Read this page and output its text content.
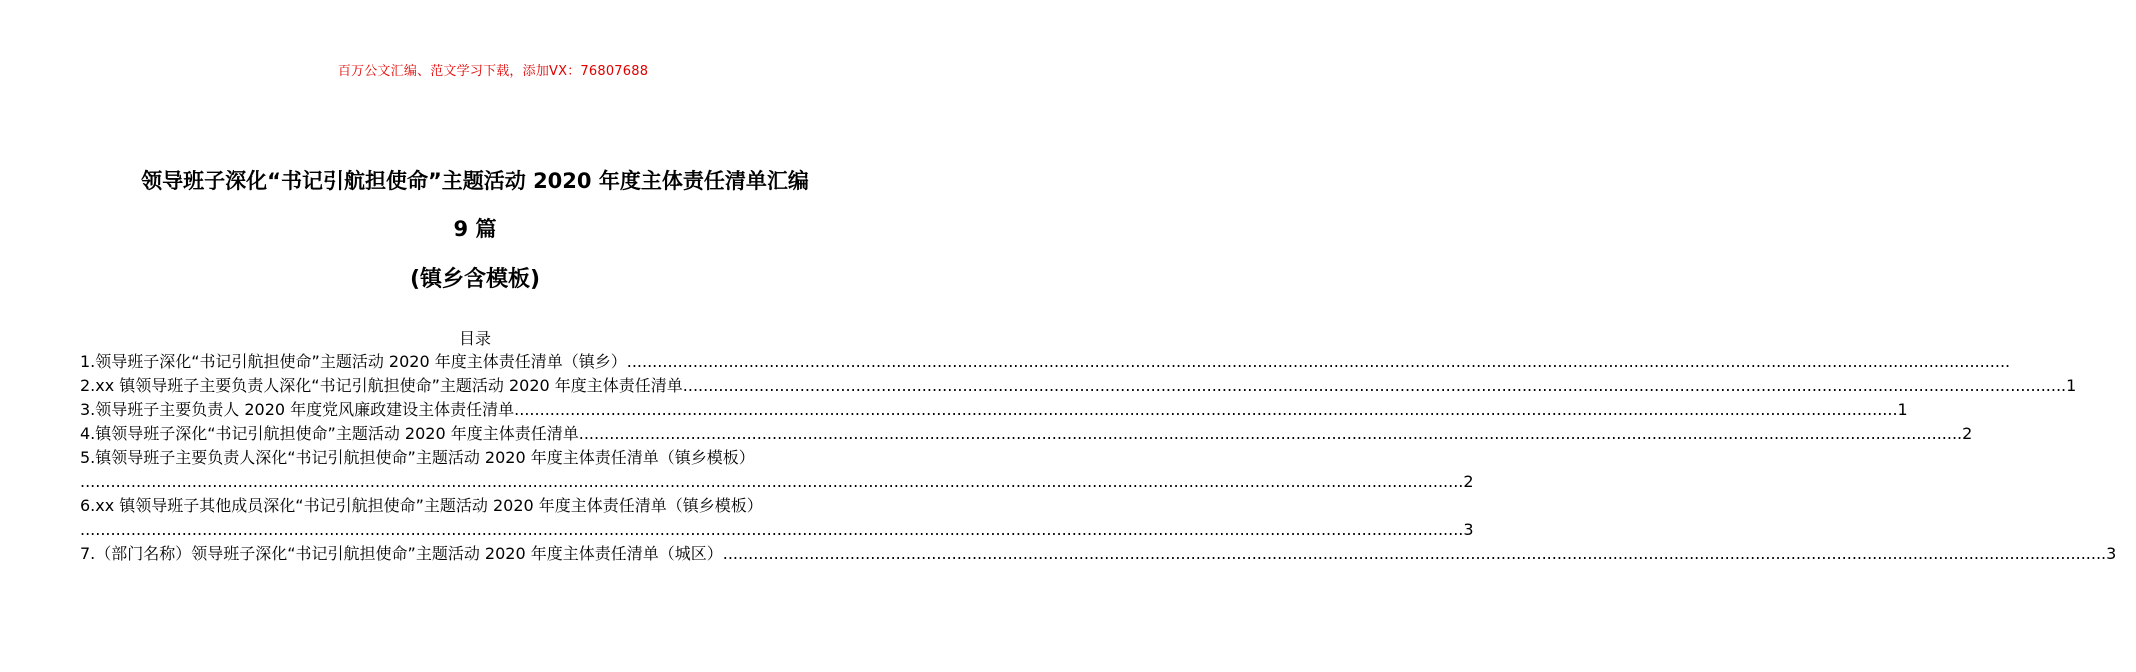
百万公文汇编、范文学习下载，添加VX：76807688
领导班子深化“书记引航担使命”主题活动 2020 年度主体责任清单汇编
9 篇
(镇乡含模板)
目录
1.领导班子深化“书记引航担使命”主题活动 2020 年度主体责任清单（镇乡）
.....
2.xx 镇领导班子主要负责人深化“书记引航担使命”主题活动 2020 年度主体责任清单 .....	1
3.领导班子主要负责人 2020 年度党风廉政建设主体责任清单 .....	1
4.镇领导班子深化“书记引航担使命”主题活动 2020 年度主体责任清单 .....	2
5.镇领导班子主要负责人深化“书记引航担使命”主题活动 2020 年度主体责任清单（镇乡模板）
.....
2
6.xx 镇领导班子其他成员深化“书记引航担使命”主题活动 2020 年度主体责任清单（镇乡模板）
.....
3
7.（部门名称）领导班子深化“书记引航担使命”主题活动 2020 年度主体责任清单（城区） .....	3
